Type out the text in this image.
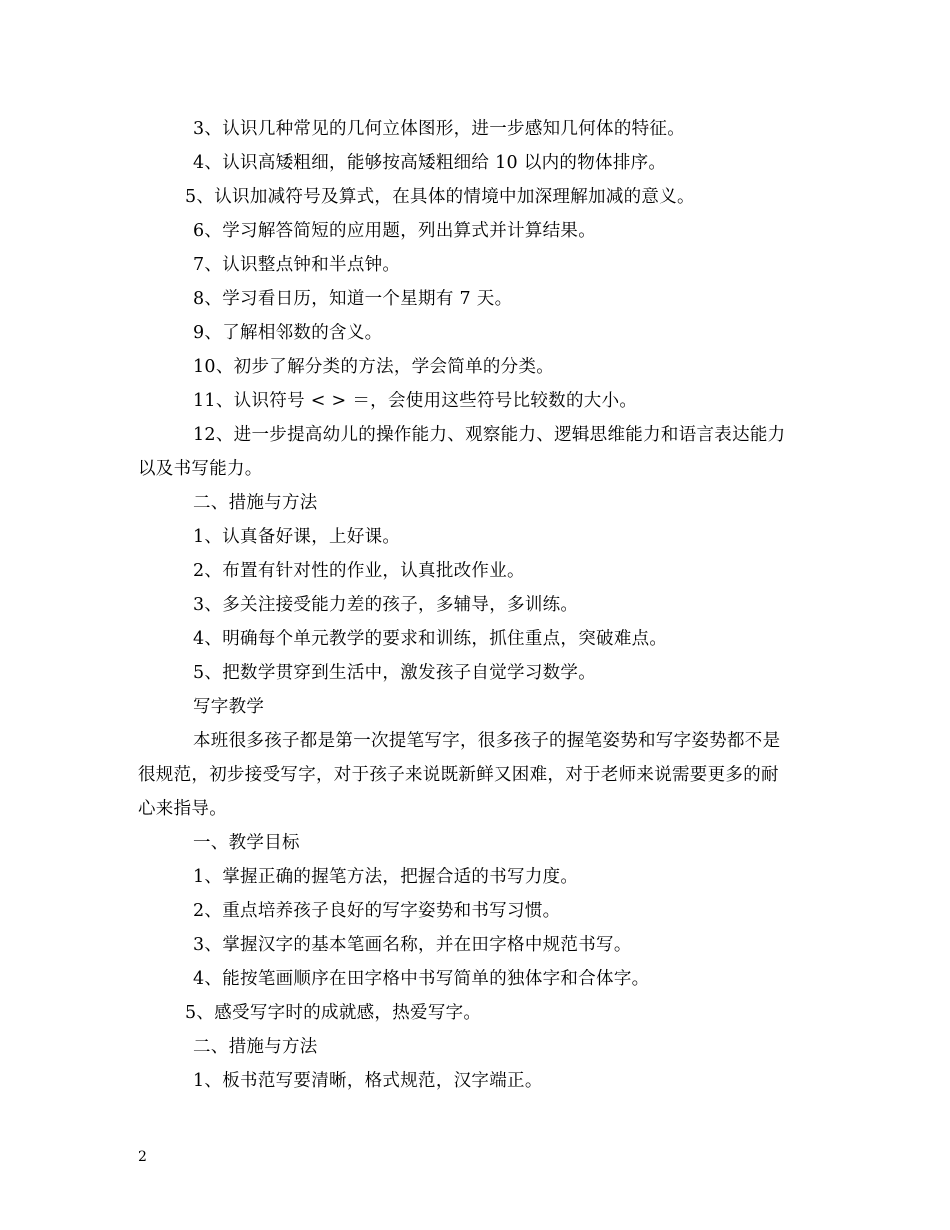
3、认识几种常见的几何立体图形，进一步感知几何体的特征。
4、认识高矮粗细，能够按高矮粗细给 10 以内的物体排序。
5、认识加减符号及算式，在具体的情境中加深理解加减的意义。
6、学习解答简短的应用题，列出算式并计算结果。
7、认识整点钟和半点钟。
8、学习看日历，知道一个星期有 7 天。
9、了解相邻数的含义。
10、初步了解分类的方法，学会简单的分类。
11、认识符号 < > ＝，会使用这些符号比较数的大小。
12、进一步提高幼儿的操作能力、观察能力、逻辑思维能力和语言表达能力
以及书写能力。
二、措施与方法
1、认真备好课，上好课。
2、布置有针对性的作业，认真批改作业。
3、多关注接受能力差的孩子，多辅导，多训练。
4、明确每个单元教学的要求和训练，抓住重点，突破难点。
5、把数学贯穿到生活中，激发孩子自觉学习数学。
写字教学
本班很多孩子都是第一次提笔写字，很多孩子的握笔姿势和写字姿势都不是
很规范，初步接受写字，对于孩子来说既新鲜又困难，对于老师来说需要更多的耐
心来指导。
一、教学目标
1、掌握正确的握笔方法，把握合适的书写力度。
2、重点培养孩子良好的写字姿势和书写习惯。
3、掌握汉字的基本笔画名称，并在田字格中规范书写。
4、能按笔画顺序在田字格中书写简单的独体字和合体字。
5、感受写字时的成就感，热爱写字。
二、措施与方法
1、板书范写要清晰，格式规范，汉字端正。
2
